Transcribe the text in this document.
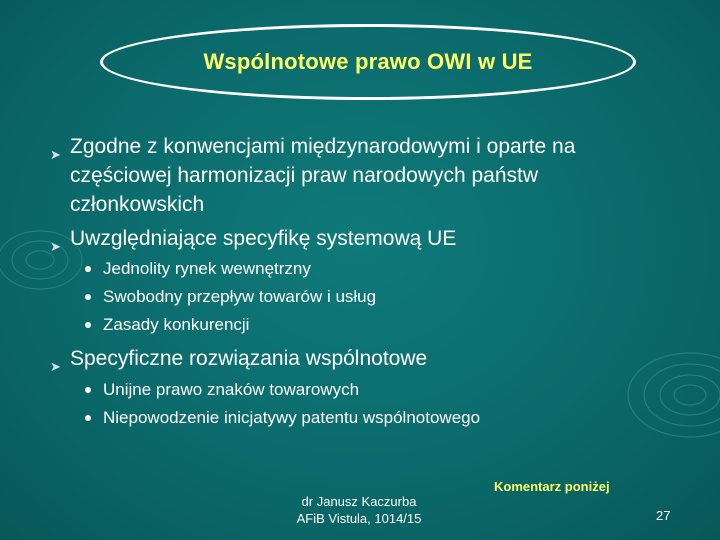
Wspólnotowe prawo OWI w UE
➤ Zgodne z konwencjami międzynarodowymi i oparte na częściowej harmonizacji praw narodowych państw członkowskich
➤ Uwzględniające specyfikę systemową UE
Jednolity rynek wewnętrzny
Swobodny przepływ towarów i usług
Zasady konkurencji
➤ Specyficzne rozwiązania wspólnotowe
Unijne prawo znaków towarowych
Niepowodzenie inicjatywy patentu wspólnotowego
Komentarz poniżej
dr Janusz Kaczurba
AFiB Vistula, 1014/15	27
